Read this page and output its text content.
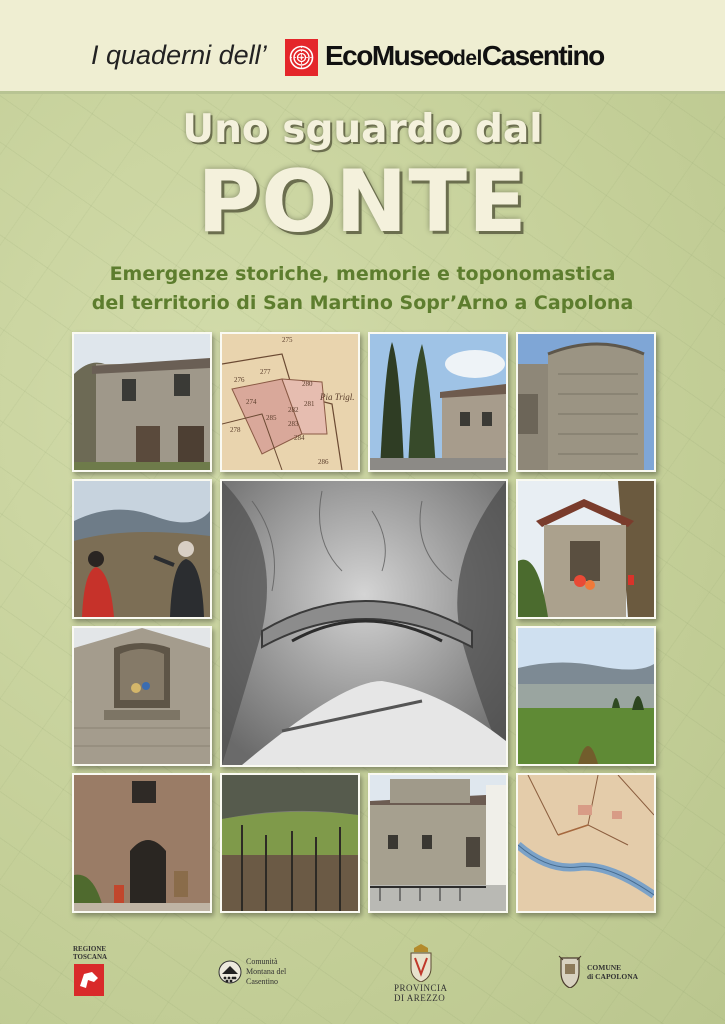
I quaderni dell’ EcoMuseodelCasentino
Uno sguardo dal
PONTE
Emergenze storiche, memorie e toponomastica
del territorio di San Martino Sopr’Arno a Capolona
275
277
276	280
274
282
281
283
284
278
286
285
Pia Trigl.
REGIONE
TOSCANA	Comunità
Montana del
Casentino
PROVINCIA
DI AREZZO
COMUNE
di CAPOLONA
